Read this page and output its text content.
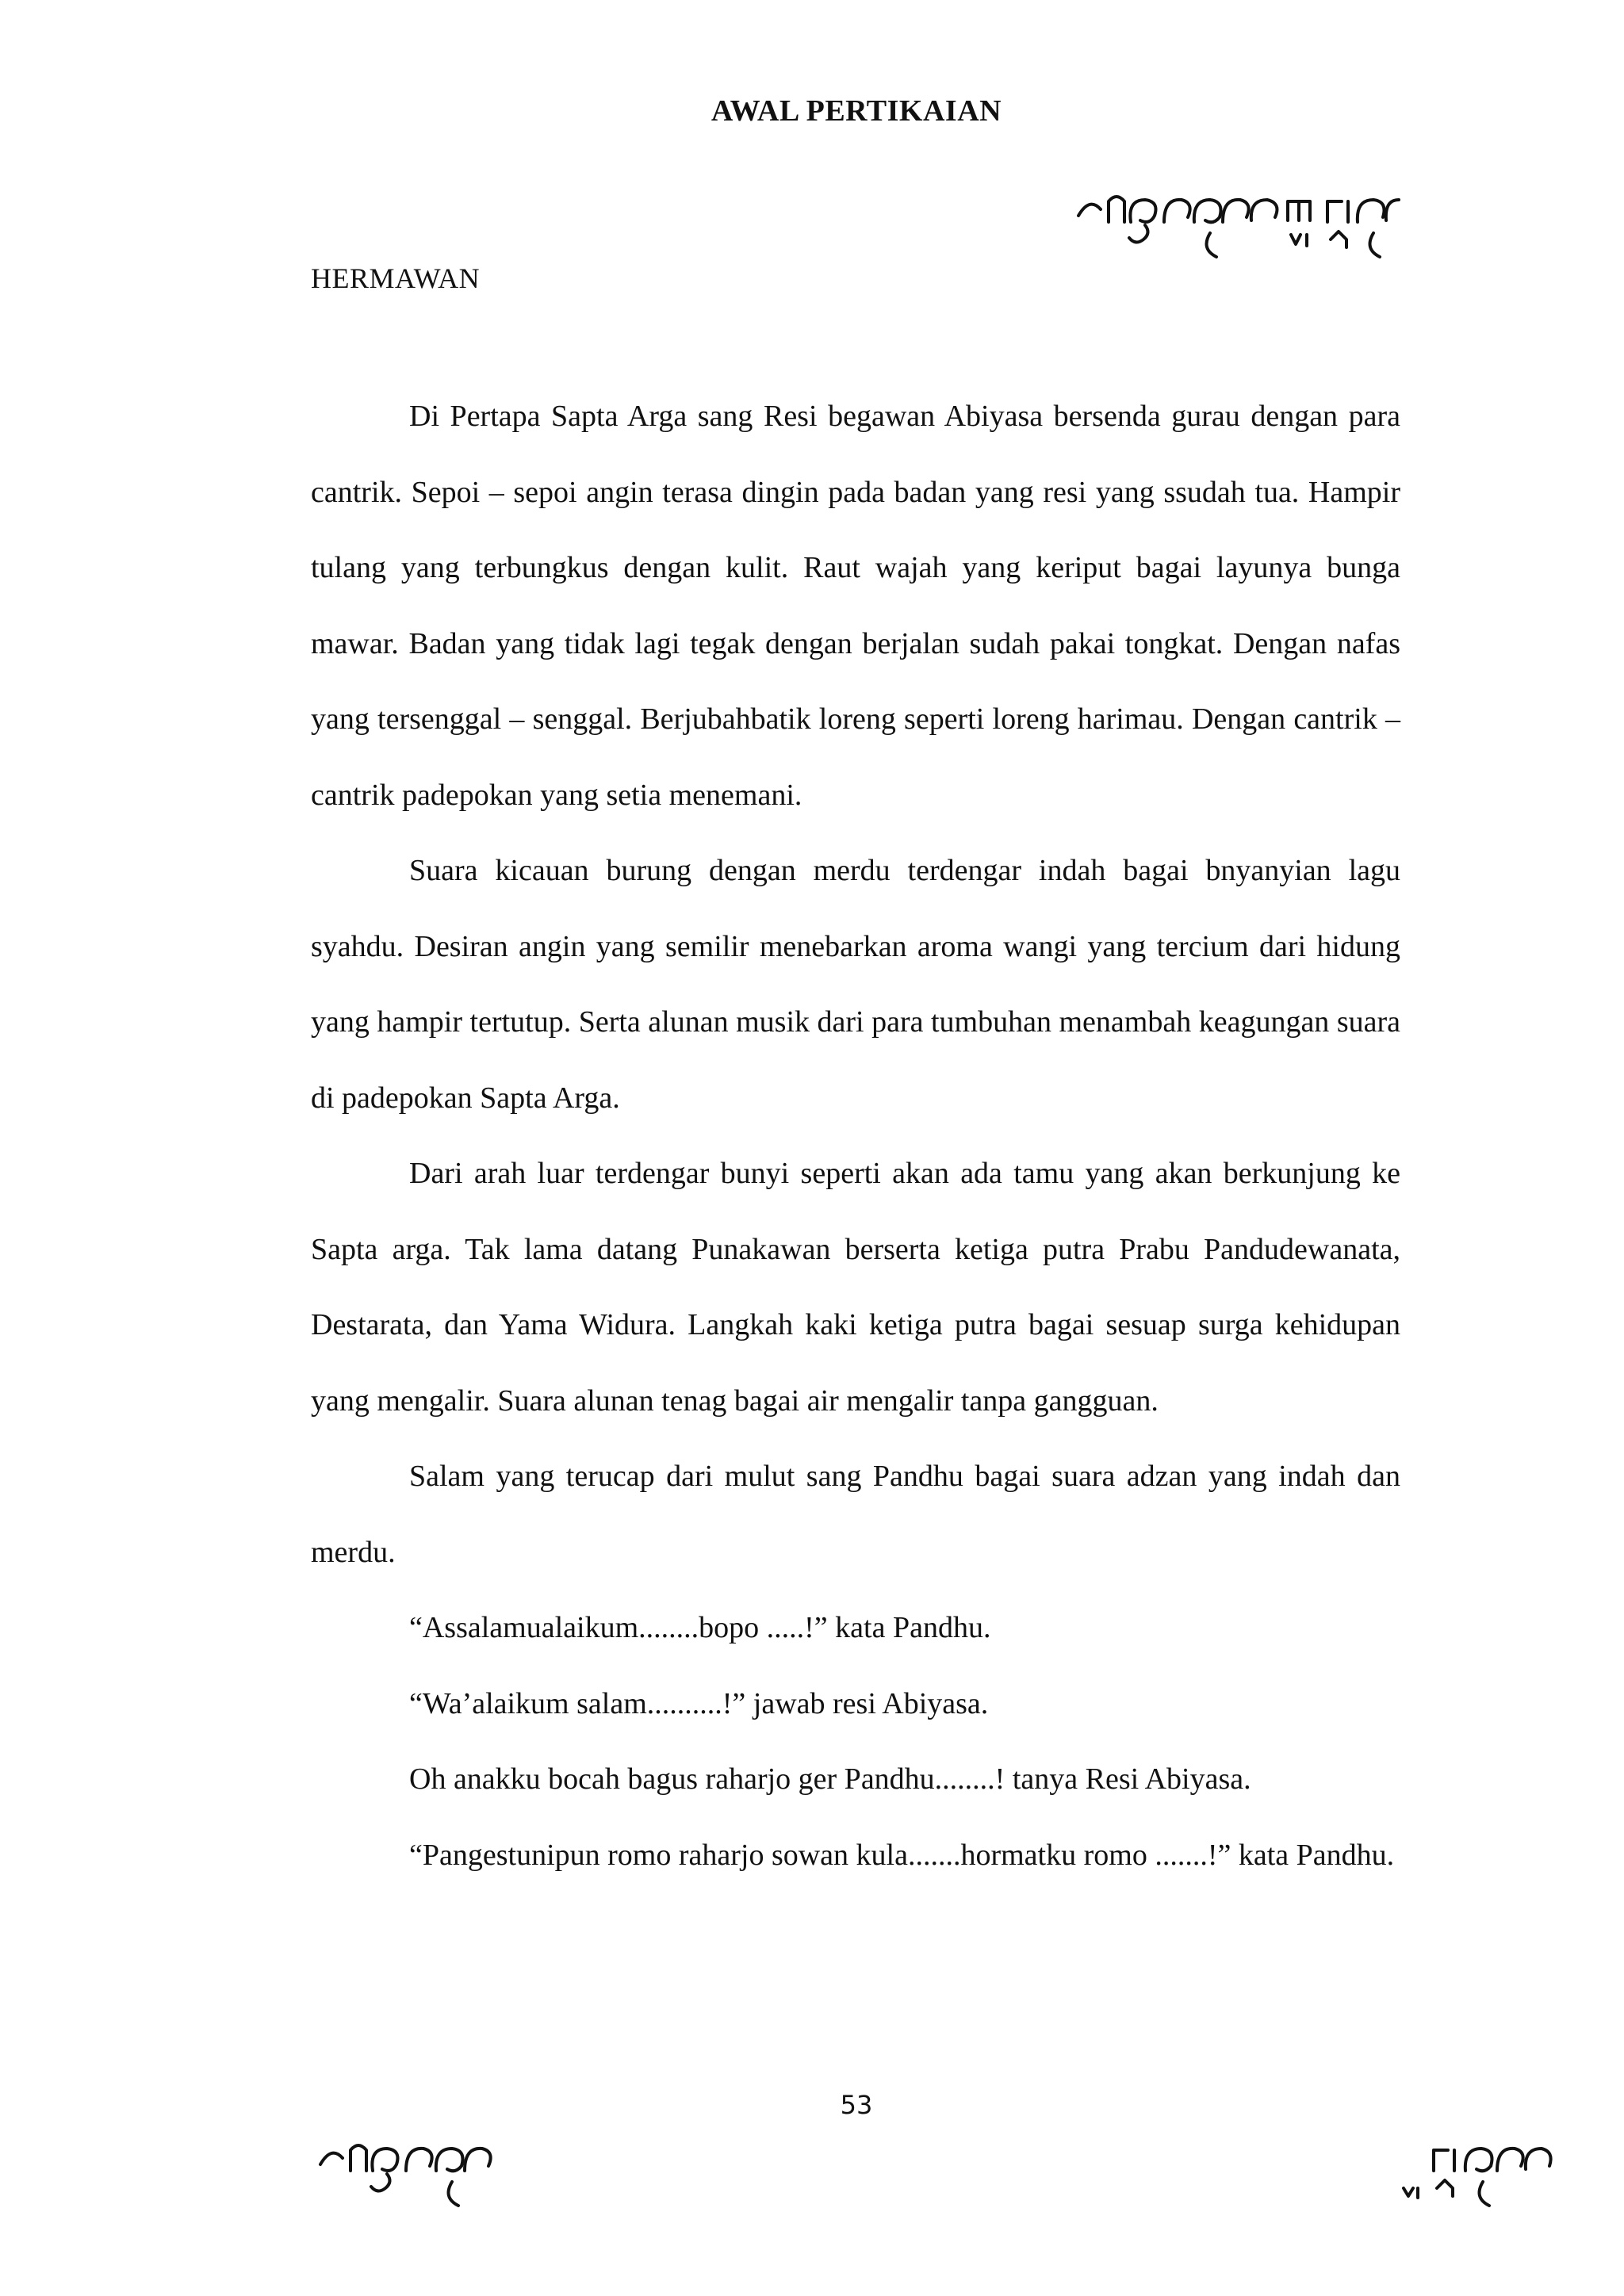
AWAL PERTIKAIAN
HERMAWAN

Di Pertapa Sapta Arga sang Resi begawan Abiyasa bersenda gurau dengan para cantrik. Sepoi – sepoi angin terasa dingin pada badan yang resi yang ssudah tua. Hampir tulang yang terbungkus dengan kulit. Raut wajah yang keriput bagai layunya bunga mawar. Badan yang tidak lagi tegak dengan berjalan sudah pakai tongkat. Dengan nafas yang tersenggal – senggal. Berjubahbatik loreng seperti loreng harimau. Dengan cantrik – cantrik padepokan yang setia menemani.

Suara kicauan burung dengan merdu terdengar indah bagai bnyanyian lagu syahdu. Desiran angin yang semilir menebarkan aroma wangi yang tercium dari hidung yang hampir tertutup. Serta alunan musik dari para tumbuhan menambah keagungan suara di padepokan Sapta Arga.

Dari arah luar terdengar bunyi seperti akan ada tamu yang akan berkunjung ke Sapta arga. Tak lama datang Punakawan berserta ketiga putra Prabu Pandudewanata, Destarata, dan Yama Widura. Langkah kaki ketiga putra bagai sesuap surga kehidupan yang mengalir. Suara alunan tenag bagai air mengalir tanpa gangguan.

Salam yang terucap dari mulut sang Pandhu bagai suara adzan yang indah dan merdu.

“Assalamualaikum........bopo .....!” kata Pandhu.

“Wa’alaikum salam..........!” jawab resi Abiyasa.

Oh anakku bocah bagus raharjo ger Pandhu........! tanya Resi Abiyasa.

“Pangestunipun romo raharjo sowan kula.......hormatku romo .......!” kata Pandhu.

53
